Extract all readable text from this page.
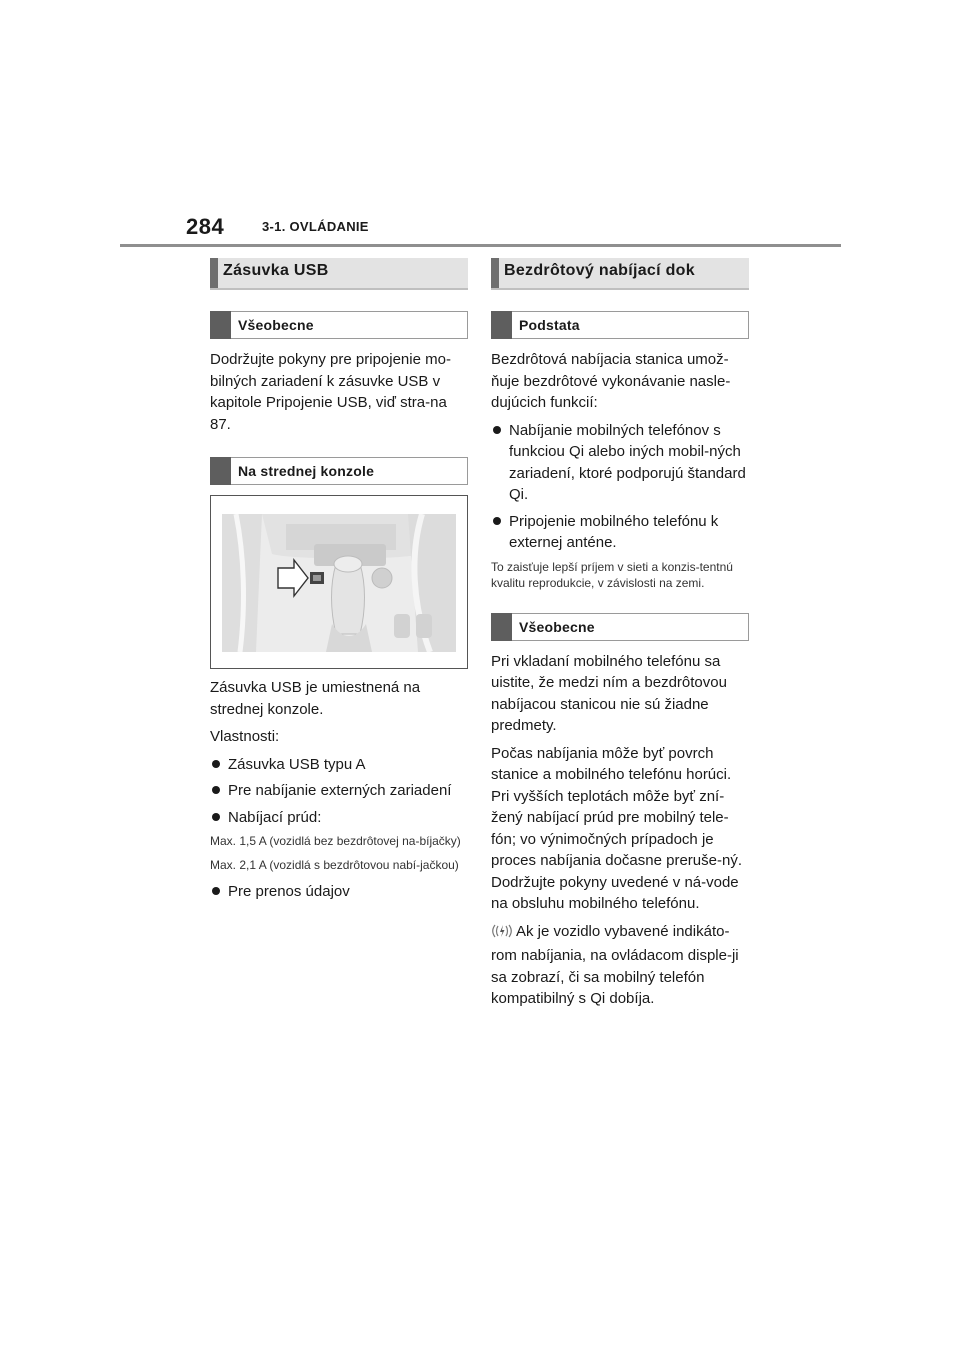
284	3-1. OVLÁDANIE
Zásuvka USB
Všeobecne

Dodržujte pokyny pre pripojenie mo-bilných zariadení k zásuvke USB v kapitole Pripojenie USB, viď stra-na 87.

Na strednej konzole

Zásuvka USB je umiestnená na strednej konzole.

Vlastnosti:

Zásuvka USB typu A
Pre nabíjanie externých zariadení
Nabíjací prúd:

Max. 1,5 A (vozidlá bez bezdrôtovej na-bíjačky)

Max. 2,1 A (vozidlá s bezdrôtovou nabí-jačkou)

Pre prenos údajov
Bezdrôtový nabíjací dok
Podstata

Bezdrôtová nabíjacia stanica umož-ňuje bezdrôtové vykonávanie nasle-dujúcich funkcií:

Nabíjanie mobilných telefónov s funkciou Qi alebo iných mobil-ných zariadení, ktoré podporujú štandard Qi.
Pripojenie mobilného telefónu k externej anténe.

To zaisťuje lepší príjem v sieti a konzis-tentnú kvalitu reprodukcie, v závislosti na zemi.

Všeobecne

Pri vkladaní mobilného telefónu sa uistite, že medzi ním a bezdrôtovou nabíjacou stanicou nie sú žiadne predmety.

Počas nabíjania môže byť povrch stanice a mobilného telefónu horúci. Pri vyšších teplotách môže byť zní-žený nabíjací prúd pre mobilný tele-fón; vo výnimočných prípadoch je proces nabíjania dočasne preruše-ný. Dodržujte pokyny uvedené v ná-vode na obsluhu mobilného telefónu.

Ak je vozidlo vybavené indikáto-rom nabíjania, na ovládacom disple-ji sa zobrazí, či sa mobilný telefón kompatibilný s Qi dobíja.
